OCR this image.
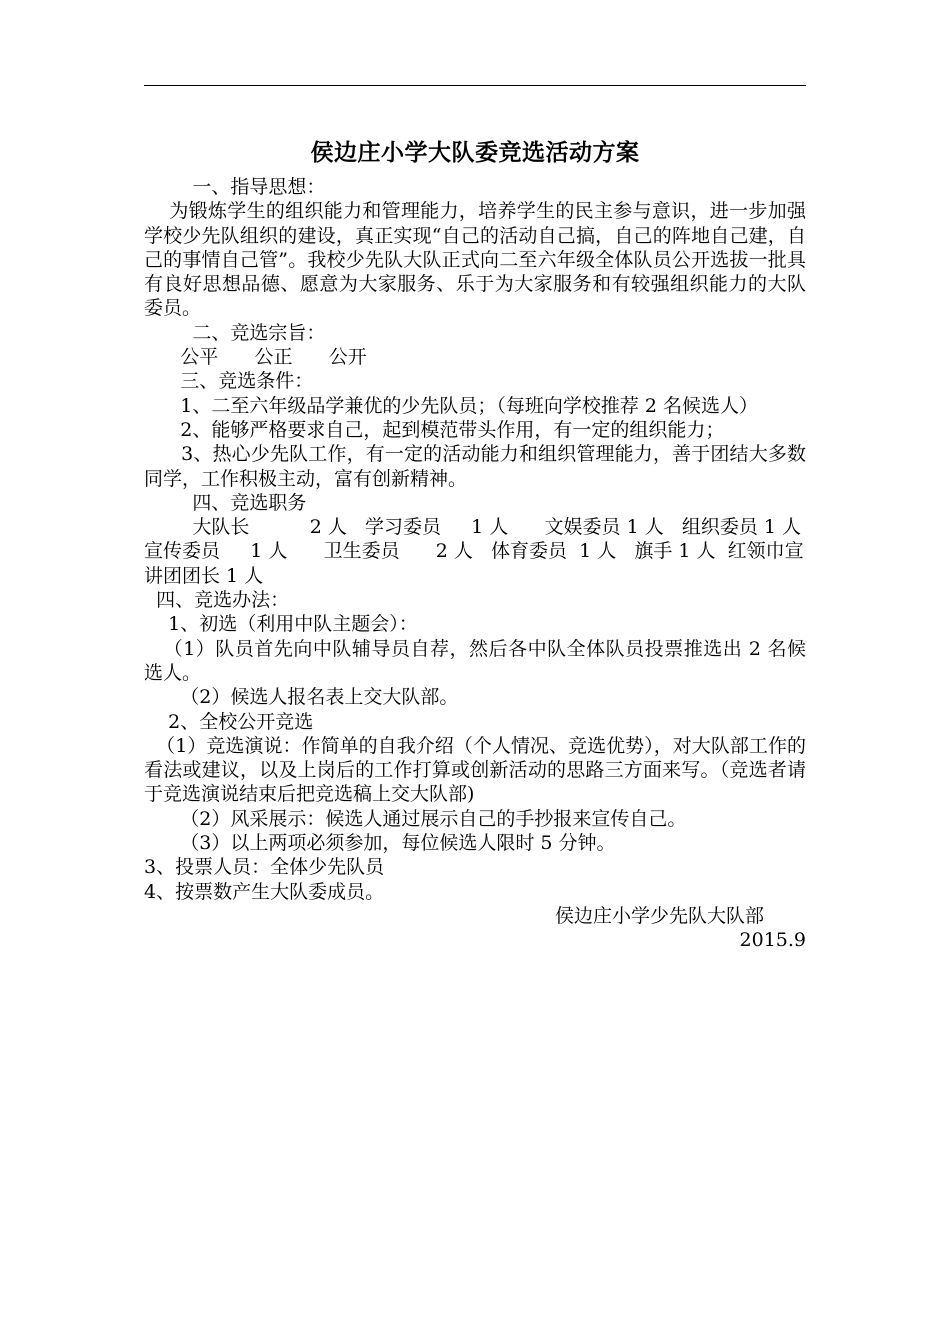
侯边庄小学大队委竞选活动方案

一、指导思想：

为锻炼学生的组织能力和管理能力，培养学生的民主参与意识，进一步加强学校少先队组织的建设，真正实现“自己的活动自己搞，自己的阵地自己建，自己的事情自己管”。我校少先队大队正式向二至六年级全体队员公开选拔一批具有良好思想品德、愿意为大家服务、乐于为大家服务和有较强组织能力的大队委员。

二、竞选宗旨：

公平      公正      公开

三、竞选条件：

1、二至六年级品学兼优的少先队员；（每班向学校推荐 2 名候选人）

2、能够严格要求自己，起到模范带头作用，有一定的组织能力；

3、热心少先队工作，有一定的活动能力和组织管理能力，善于团结大多数同学，工作积极主动，富有创新精神。

四、竞选职务

大队长          2 人   学习委员     1 人      文娱委员 1 人   组织委员 1 人

宣传委员     1 人      卫生委员      2 人   体育委员  1 人   旗手 1 人  红领巾宣讲团团长 1 人

四、竞选办法：

1、初选（利用中队主题会）：

（1）队员首先向中队辅导员自荐，然后各中队全体队员投票推选出 2 名候选人。

（2）候选人报名表上交大队部。

2、全校公开竞选

（1）竞选演说：作简单的自我介绍（个人情况、竞选优势），对大队部工作的看法或建议，以及上岗后的工作打算或创新活动的思路三方面来写。（竞选者请于竞选演说结束后把竞选稿上交大队部)

（2）风采展示：候选人通过展示自己的手抄报来宣传自己。

（3）以上两项必须参加，每位候选人限时 5 分钟。

3、投票人员：全体少先队员

4、按票数产生大队委成员。

侯边庄小学少先队大队部

2015.9
